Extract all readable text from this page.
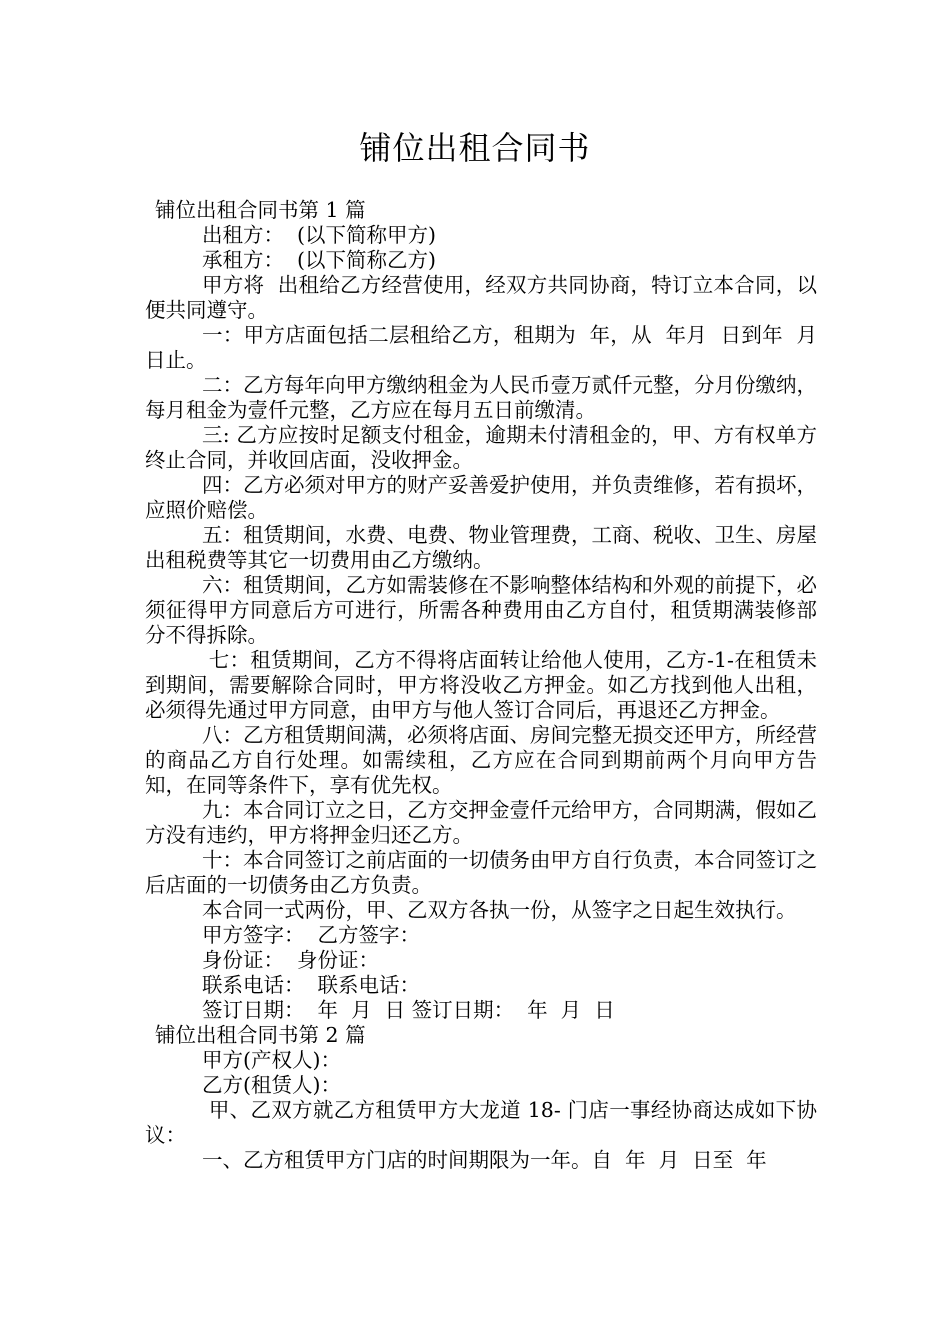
铺位出租合同书

铺位出租合同书第 1 篇

出租方：  (以下简称甲方)

承租方：  (以下简称乙方)

甲方将  出租给乙方经营使用，经双方共同协商，特订立本合同，以便共同遵守。

一：甲方店面包括二层租给乙方，租期为  年，从  年月  日到年  月日止。

二：乙方每年向甲方缴纳租金为人民币壹万贰仟元整，分月份缴纳，每月租金为壹仟元整，乙方应在每月五日前缴清。

三: 乙方应按时足额支付租金，逾期未付清租金的，甲、方有权单方终止合同，并收回店面，没收押金。

四：乙方必须对甲方的财产妥善爱护使用，并负责维修，若有损坏，应照价赔偿。

五：租赁期间，水费、电费、物业管理费，工商、税收、卫生、房屋出租税费等其它一切费用由乙方缴纳。

六：租赁期间，乙方如需装修在不影响整体结构和外观的前提下，必须征得甲方同意后方可进行，所需各种费用由乙方自付，租赁期满装修部分不得拆除。

七：租赁期间，乙方不得将店面转让给他人使用，乙方-1-在租赁未到期间，需要解除合同时，甲方将没收乙方押金。如乙方找到他人出租，必须得先通过甲方同意，由甲方与他人签订合同后，再退还乙方押金。

八：乙方租赁期间满，必须将店面、房间完整无损交还甲方，所经营的商品乙方自行处理。如需续租，乙方应在合同到期前两个月向甲方告知，在同等条件下，享有优先权。

九：本合同订立之日，乙方交押金壹仟元给甲方，合同期满，假如乙方没有违约，甲方将押金归还乙方。

十：本合同签订之前店面的一切债务由甲方自行负责，本合同签订之后店面的一切债务由乙方负责。

本合同一式两份，甲、乙双方各执一份，从签字之日起生效执行。

甲方签字：  乙方签字：

身份证：  身份证：

联系电话：  联系电话：

签订日期：  年  月  日 签订日期：  年  月  日

铺位出租合同书第 2 篇

甲方(产权人)：

乙方(租赁人)：

甲、乙双方就乙方租赁甲方大龙道 18- 门店一事经协商达成如下协议：

一、乙方租赁甲方门店的时间期限为一年。自  年  月  日至  年
